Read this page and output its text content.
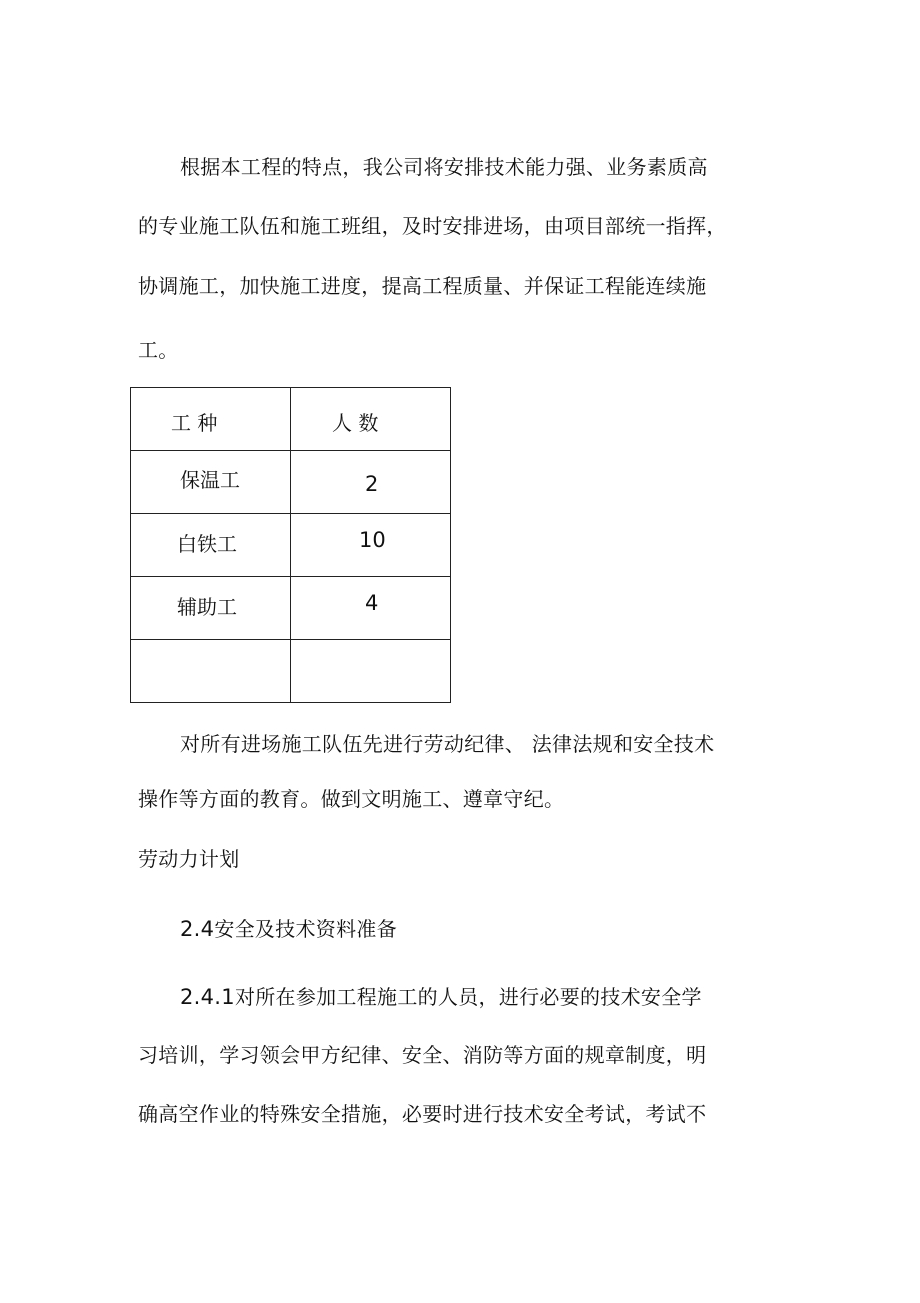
根据本工程的特点，我公司将安排技术能力强、业务素质高

的专业施工队伍和施工班组，及时安排进场，由项目部统一指挥，

协调施工，加快施工进度，提高工程质量、并保证工程能连续施

工。

工 种	人 数

保温工	2

白铁工	10

辅助工	4

对所有进场施工队伍先进行劳动纪律、 法律法规和安全技术

操作等方面的教育。做到文明施工、遵章守纪。

劳动力计划

2.4安全及技术资料准备

2.4.1对所在参加工程施工的人员，进行必要的技术安全学

习培训，学习领会甲方纪律、安全、消防等方面的规章制度，明

确高空作业的特殊安全措施，必要时进行技术安全考试，考试不
